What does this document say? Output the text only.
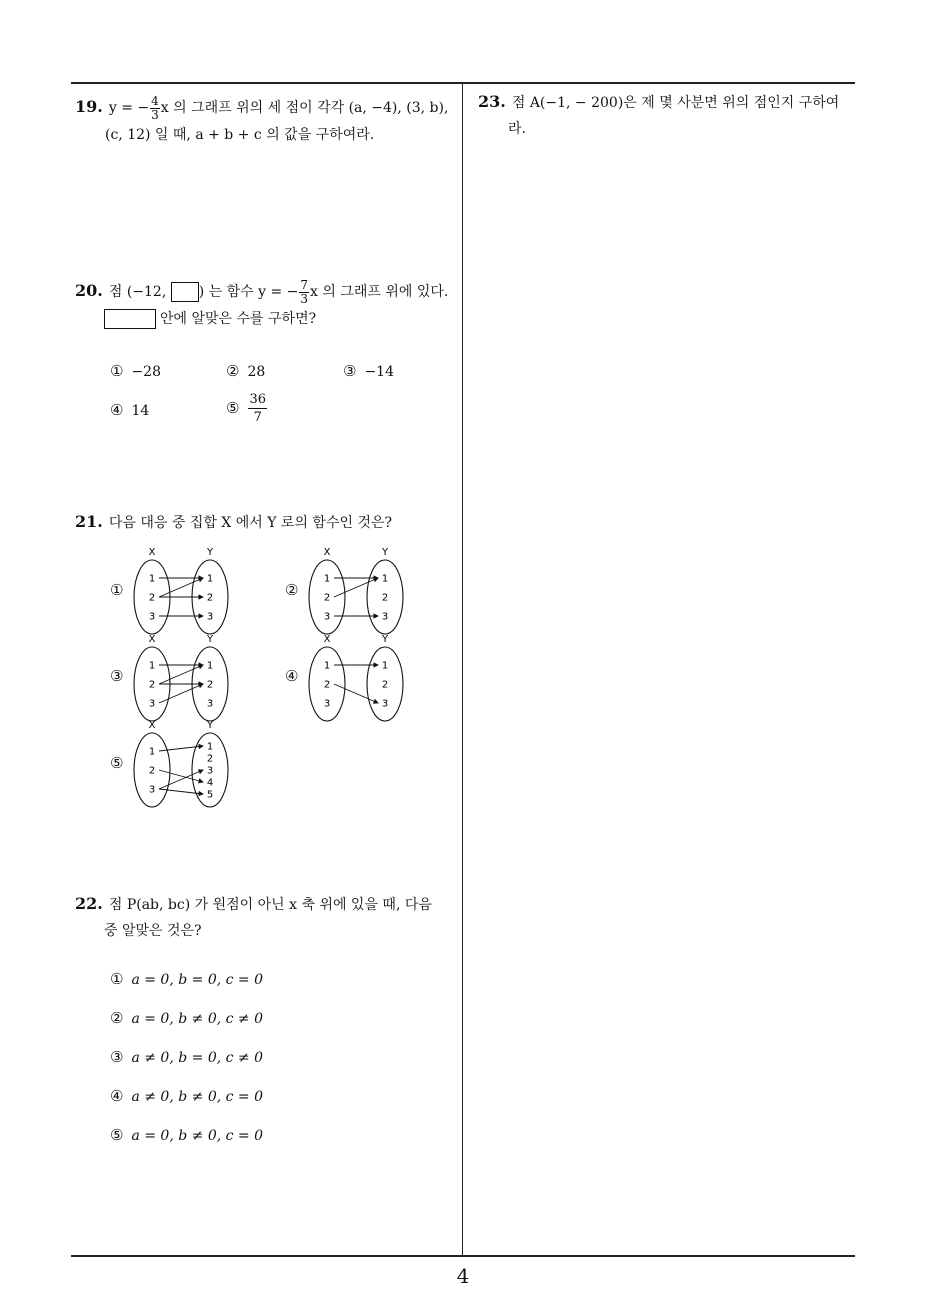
19. y = − $\frac{4}{3}$ x 의 그래프 위의 세 점이 각각 (a, −4), (3, b),
(c, 12) 일 때, a + b + c 의 값을 구하여라.
20. 점 (−12, ) 는 함수 y = − $\frac{7}{3}$ x 의 그래프 위에 있다.
안에 알맞은 수를 구하면?
① −28	② 28	③ −14
④ 14	⑤ $\frac{36}{7}$
21. 다음 대응 중 집합 X 에서 Y 로의 함수인 것은?
①	②
③	④
⑤
X	Y
1
2
3
1
2
3
X	Y
1
2
3
1
2
3
X	Y
1
2
3
1
2
3
X	Y
1
2
3
1
2
3
X	Y
1
2
3
1
2
3
4
5
22. 점 P(ab, bc) 가 원점이 아닌 x 축 위에 있을 때, 다음
중 알맞은 것은?
① a = 0, b = 0, c = 0
② a = 0, b ≠ 0, c ≠ 0
③ a ≠ 0, b = 0, c ≠ 0
④ a ≠ 0, b ≠ 0, c = 0
⑤ a = 0, b ≠ 0, c = 0
23. 점 A(−1, − 200)은 제 몇 사분면 위의 점인지 구하여
라.
4
